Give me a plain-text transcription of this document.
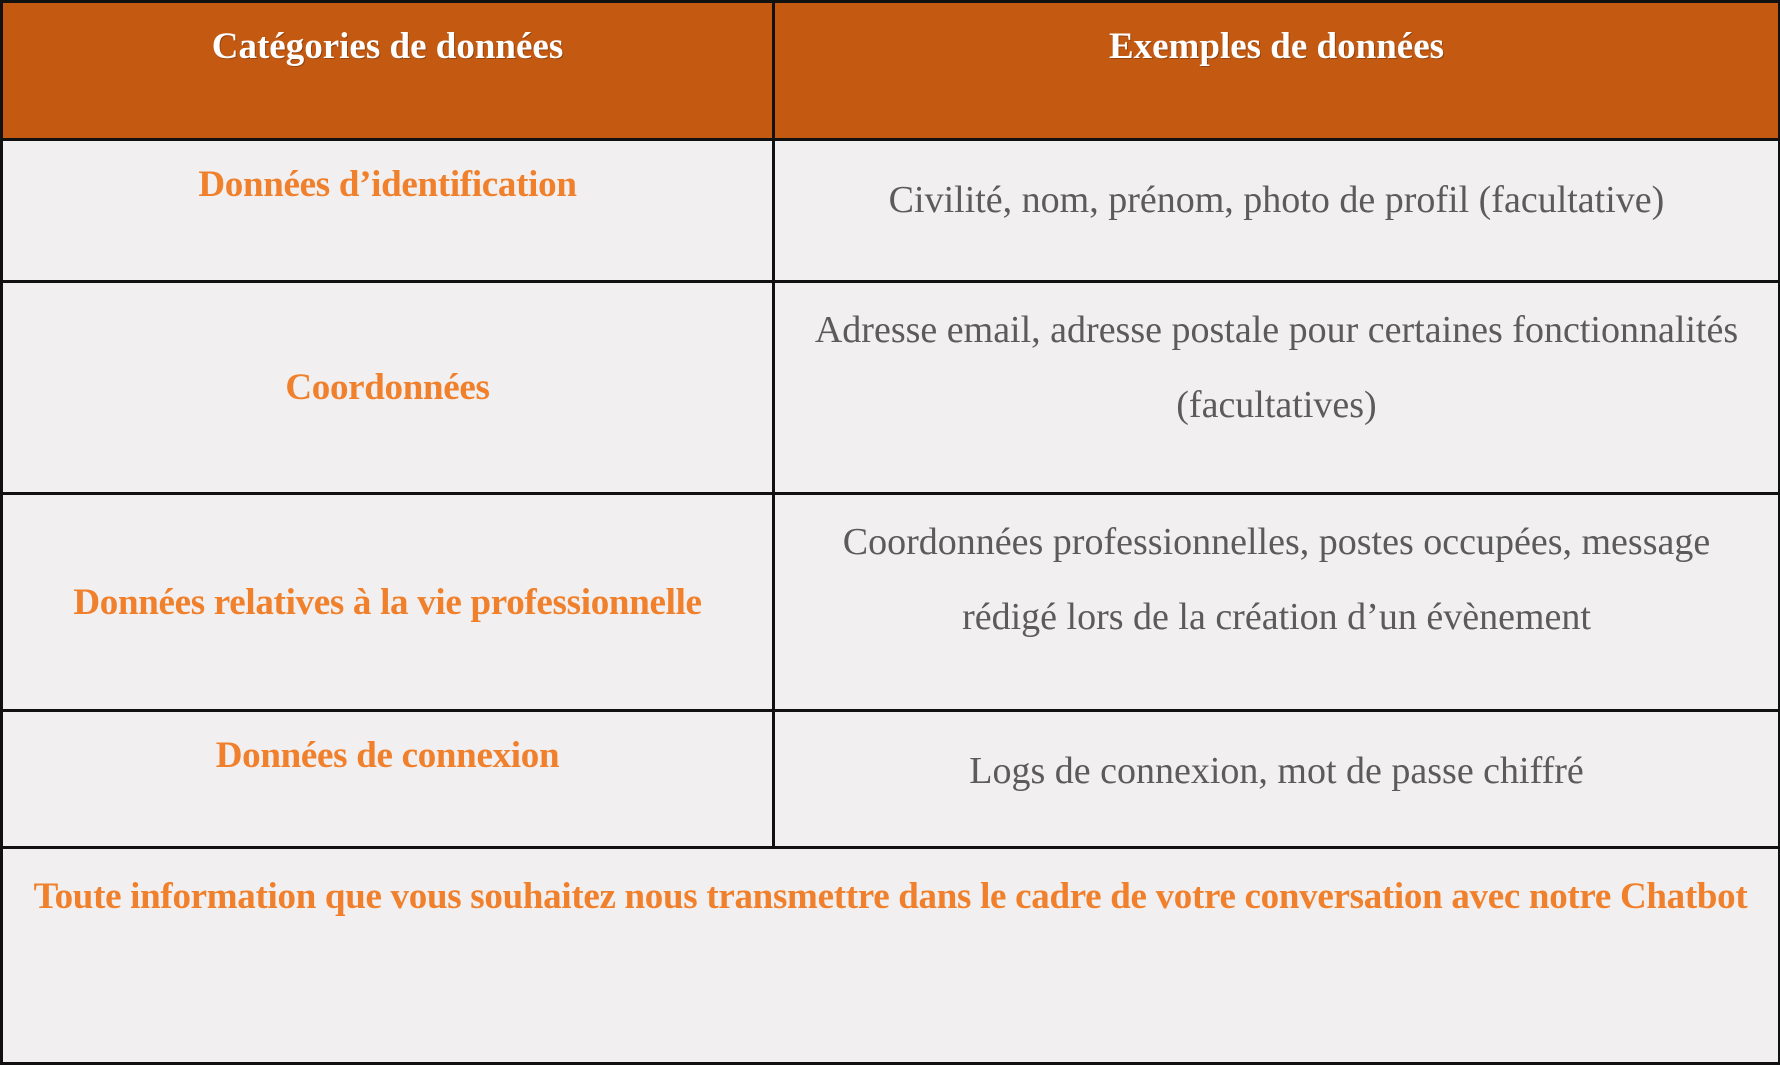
Catégories de données	Exemples de données
Données d’identification	Civilité, nom, prénom, photo de profil (facultative)
Coordonnées	Adresse email, adresse postale pour certaines fonctionnalités (facultatives)
Données relatives à la vie professionnelle	Coordonnées professionnelles, postes occupées, message rédigé lors de la création d’un évènement
Données de connexion	Logs de connexion, mot de passe chiffré
Toute information que vous souhaitez nous transmettre dans le cadre de votre conversation avec notre Chatbot	
